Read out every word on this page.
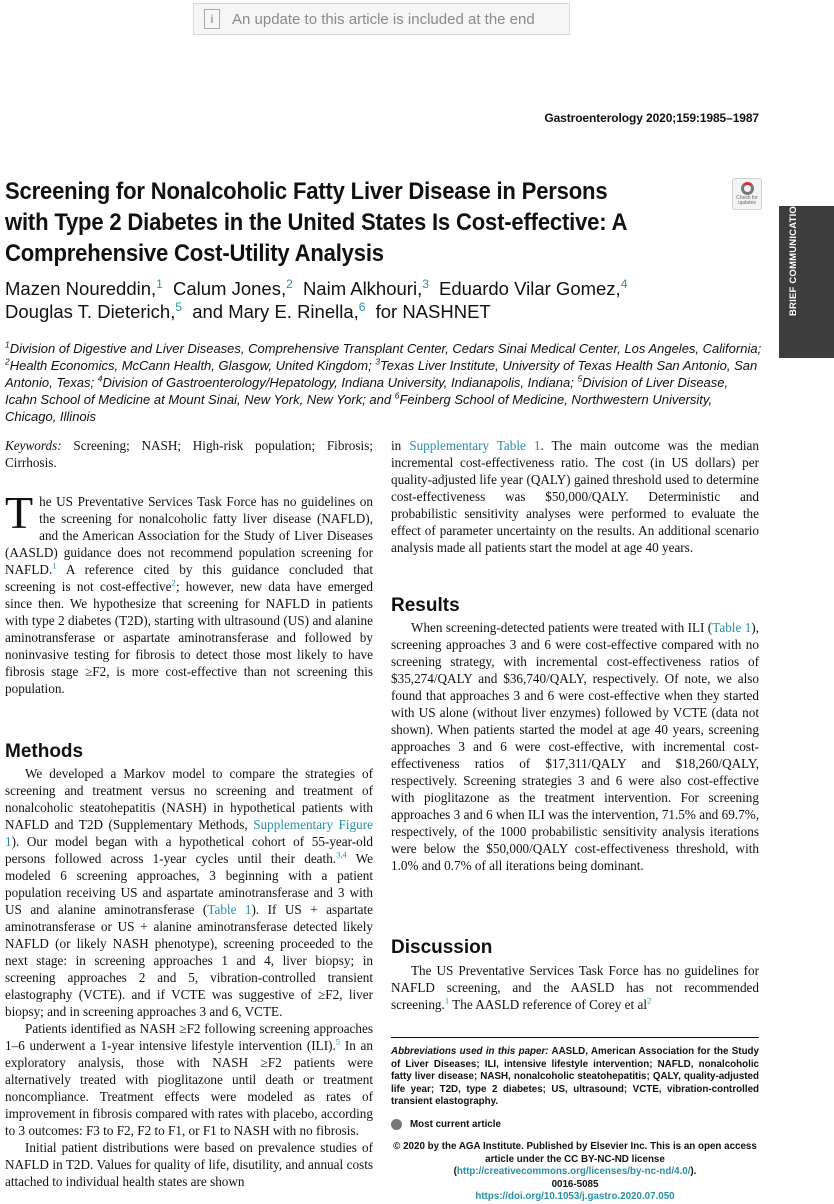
i	An update to this article is included at the end
Gastroenterology 2020;159:1985–1987
Screening for Nonalcoholic Fatty Liver Disease in Persons with Type 2 Diabetes in the United States Is Cost-effective: A Comprehensive Cost-Utility Analysis
Check for updates	BRIEF COMMUNICATIONS
Mazen Noureddin,$^1$ Calum Jones,$^2$ Naim Alkhouri,$^3$ Eduardo Vilar Gomez,$^4$
Douglas T. Dieterich,$^5$ and Mary E. Rinella,$^6$ for NASHNET
$^1$Division of Digestive and Liver Diseases, Comprehensive Transplant Center, Cedars Sinai Medical Center, Los Angeles, California; $^2$Health Economics, McCann Health, Glasgow, United Kingdom; $^3$Texas Liver Institute, University of Texas Health San Antonio, San Antonio, Texas; $^4$Division of Gastroenterology/Hepatology, Indiana University, Indianapolis, Indiana; $^5$Division of Liver Disease, Icahn School of Medicine at Mount Sinai, New York, New York; and $^6$Feinberg School of Medicine, Northwestern University, Chicago, Illinois
Keywords: Screening; NASH; High-risk population; Fibrosis; Cirrhosis.

The US Preventative Services Task Force has no guidelines on the screening for nonalcoholic fatty liver disease (NAFLD), and the American Association for the Study of Liver Diseases (AASLD) guidance does not recommend population screening for NAFLD.$^1$ A reference cited by this guidance concluded that screening is not cost-effective$^2$; however, new data have emerged since then. We hypothesize that screening for NAFLD in patients with type 2 diabetes (T2D), starting with ultrasound (US) and alanine aminotransferase or aspartate aminotransferase and followed by noninvasive testing for fibrosis to detect those most likely to have fibrosis stage ≥F2, is more cost-effective than not screening this population.

Methods

We developed a Markov model to compare the strategies of screening and treatment versus no screening and treatment of nonalcoholic steatohepatitis (NASH) in hypothetical patients with NAFLD and T2D (Supplementary Methods, Supplementary Figure 1). Our model began with a hypothetical cohort of 55-year-old persons followed across 1-year cycles until their death.$^{3,4}$ We modeled 6 screening approaches, 3 beginning with a patient population receiving US and aspartate aminotransferase and 3 with US and alanine aminotransferase (Table 1). If US + aspartate aminotransferase or US + alanine aminotransferase detected likely NAFLD (or likely NASH phenotype), screening proceeded to the next stage: in screening approaches 1 and 4, liver biopsy; in screening approaches 2 and 5, vibration-controlled transient elastography (VCTE). and if VCTE was suggestive of ≥F2, liver biopsy; and in screening approaches 3 and 6, VCTE.

Patients identified as NASH ≥F2 following screening approaches 1–6 underwent a 1-year intensive lifestyle intervention (ILI).$^5$ In an exploratory analysis, those with NASH ≥F2 patients were alternatively treated with pioglitazone until death or treatment noncompliance. Treatment effects were modeled as rates of improvement in fibrosis compared with rates with placebo, according to 3 outcomes: F3 to F2, F2 to F1, or F1 to NASH with no fibrosis.

Initial patient distributions were based on prevalence studies of NAFLD in T2D. Values for quality of life, disutility, and annual costs attached to individual health states are shown

in Supplementary Table 1. The main outcome was the median incremental cost-effectiveness ratio. The cost (in US dollars) per quality-adjusted life year (QALY) gained threshold used to determine cost-effectiveness was $50,000/QALY. Deterministic and probabilistic sensitivity analyses were performed to evaluate the effect of parameter uncertainty on the results. An additional scenario analysis made all patients start the model at age 40 years.

Results

When screening-detected patients were treated with ILI (Table 1), screening approaches 3 and 6 were cost-effective compared with no screening strategy, with incremental cost-effectiveness ratios of $35,274/QALY and $36,740/QALY, respectively. Of note, we also found that approaches 3 and 6 were cost-effective when they started with US alone (without liver enzymes) followed by VCTE (data not shown). When patients started the model at age 40 years, screening approaches 3 and 6 were cost-effective, with incremental cost-effectiveness ratios of $17,311/QALY and $18,260/QALY, respectively. Screening strategies 3 and 6 were also cost-effective with pioglitazone as the treatment intervention. For screening approaches 3 and 6 when ILI was the intervention, 71.5% and 69.7%, respectively, of the 1000 probabilistic sensitivity analysis iterations were below the $50,000/QALY cost-effectiveness threshold, with 1.0% and 0.7% of all iterations being dominant.

Discussion

The US Preventative Services Task Force has no guidelines for NAFLD screening, and the AASLD has not recommended screening.$^1$ The AASLD reference of Corey et $al^2$

Abbreviations used in this paper: AASLD, American Association for the Study of Liver Diseases; ILI, intensive lifestyle intervention; NAFLD, nonalcoholic fatty liver disease; NASH, nonalcoholic steatohepatitis; QALY, quality-adjusted life year; T2D, type 2 diabetes; US, ultrasound; VCTE, vibration-controlled transient elastography.
Most current article
© 2020 by the AGA Institute. Published by Elsevier Inc. This is an open access article under the CC BY-NC-ND license (http://creativecommons.org/licenses/by-nc-nd/4.0/).
0016-5085
https://doi.org/10.1053/j.gastro.2020.07.050
